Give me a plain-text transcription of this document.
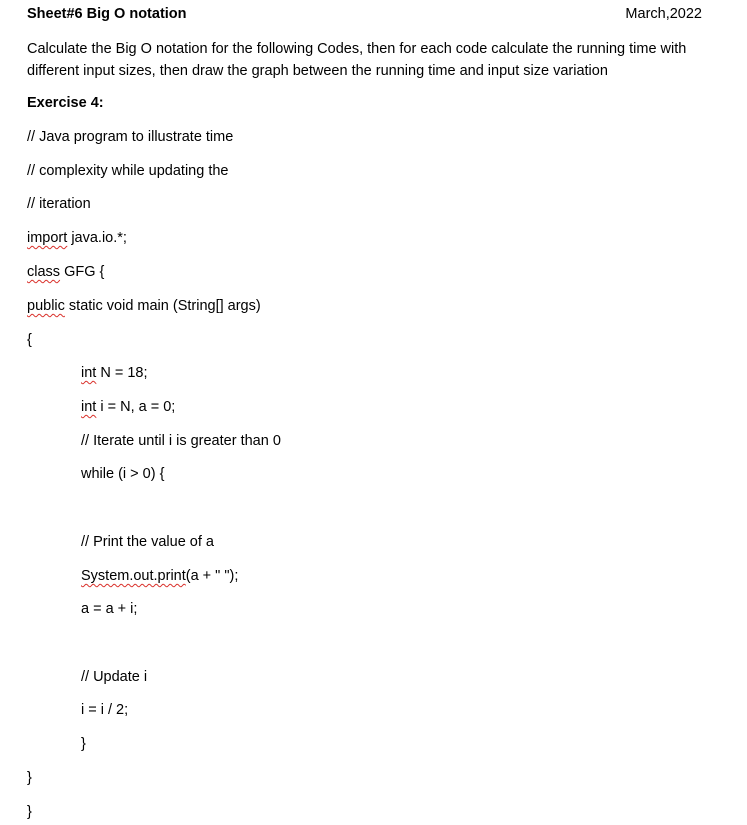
Sheet#6 Big O notation	March,2022
Calculate the Big O notation for the following Codes, then for each code calculate the running time with different input sizes, then draw the graph between the running time and input size variation
Exercise 4:
// Java program to illustrate time
// complexity while updating the
// iteration
import java.io.*;
class GFG {
public static void main (String[] args)
{
int N = 18;
int i = N, a = 0;
// Iterate until i is greater than 0
while (i > 0) {
// Print the value of a
System.out.print(a + " ");
a = a + i;
// Update i
i = i / 2;
}
}
}
